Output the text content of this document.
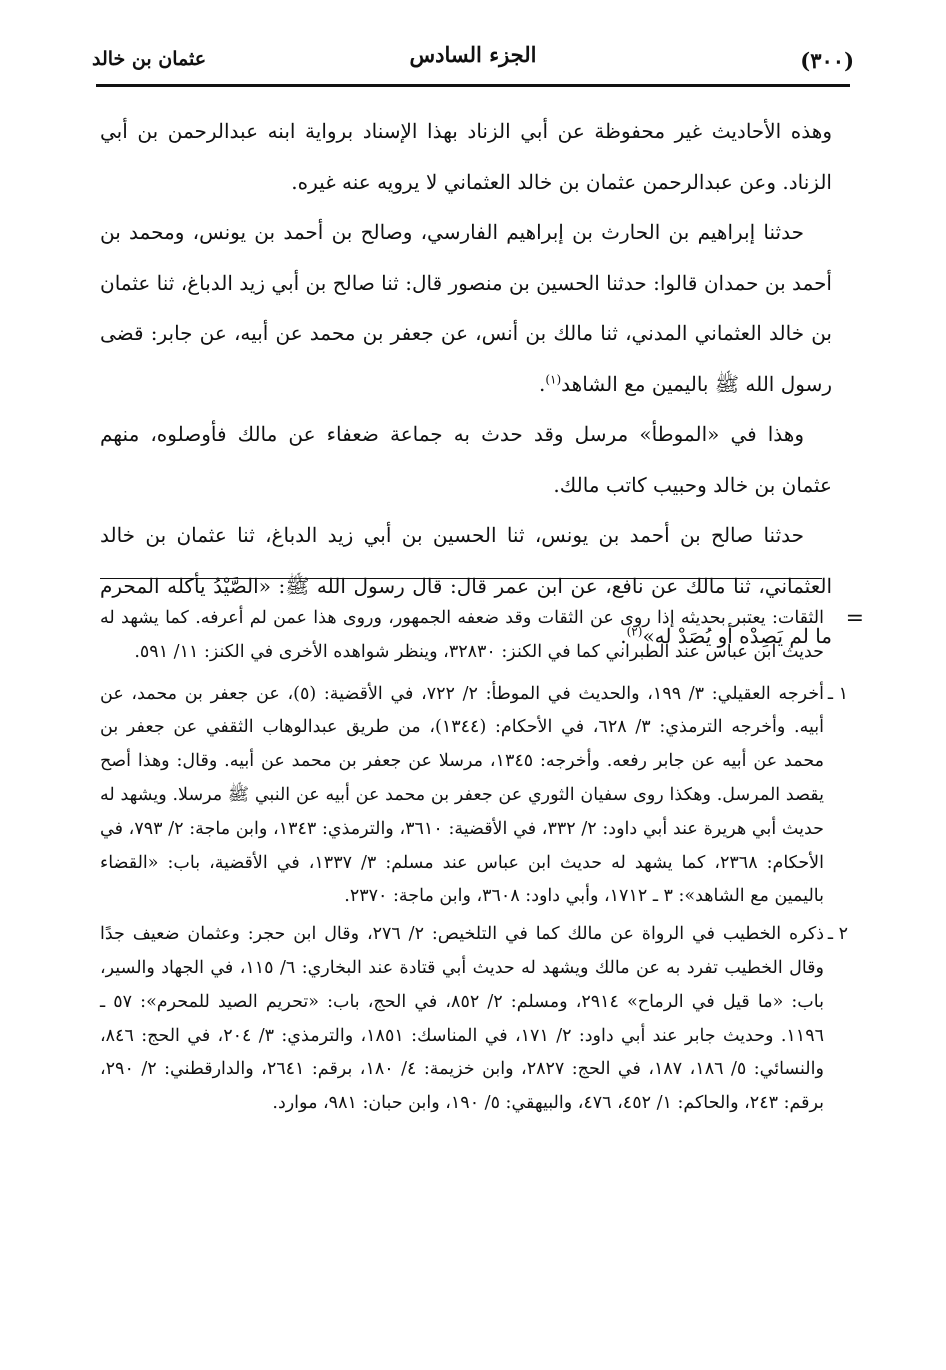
(٣٠٠)
الجزء السادس
عثمان بن خالد

وهذه الأحاديث غير محفوظة عن أبي الزناد بهذا الإسناد برواية ابنه عبدالرحمن بن أبي الزناد. وعن عبدالرحمن عثمان بن خالد العثماني لا يرويه عنه غيره.

حدثنا إبراهيم بن الحارث بن إبراهيم الفارسي، وصالح بن أحمد بن يونس، ومحمد بن أحمد بن حمدان قالوا: حدثنا الحسين بن منصور قال: ثنا صالح بن أبي زيد الدباغ، ثنا عثمان بن خالد العثماني المدني، ثنا مالك بن أنس، عن جعفر بن محمد عن أبيه، عن جابر: قضى رسول الله ﷺ باليمين مع الشاهد$^{(١)}$.

وهذا في «الموطأ» مرسل وقد حدث به جماعة ضعفاء عن مالك فأوصلوه، منهم عثمان بن خالد وحبيب كاتب مالك.

حدثنا صالح بن أحمد بن يونس، ثنا الحسين بن أبي زيد الدباغ، ثنا عثمان بن خالد العثماني، ثنا مالك عن نافع، عن ابن عمر قال: قال رسول الله ﷺ: «الصَّيْدُ يأكله المحرم ما لم يَصِدْه أو يُصَدْ له»$^{(٢)}$.

=
الثقات: يعتبر بحديثه إذا روى عن الثقات وقد ضعفه الجمهور، وروى هذا عمن لم أعرفه. كما يشهد له حديث ابن عباس عند الطبراني كما في الكنز: ٣٢٨٣٠، وينظر شواهده الأخرى في الكنز: ١١/ ٥٩١.

١ ـ
أخرجه العقيلي: ٣/ ١٩٩، والحديث في الموطأ: ٢/ ٧٢٢، في الأقضية: (٥)، عن جعفر بن محمد، عن أبيه. وأخرجه الترمذي: ٣/ ٦٢٨، في الأحكام: (١٣٤٤)، من طريق عبدالوهاب الثقفي عن جعفر بن محمد عن أبيه عن جابر رفعه. وأخرجه: ١٣٤٥، مرسلا عن جعفر بن محمد عن أبيه. وقال: وهذا أصح يقصد المرسل. وهكذا روى سفيان الثوري عن جعفر بن محمد عن أبيه عن النبي ﷺ مرسلا. ويشهد له حديث أبي هريرة عند أبي داود: ٢/ ٣٣٢، في الأقضية: ٣٦١٠، والترمذي: ١٣٤٣، وابن ماجة: ٢/ ٧٩٣، في الأحكام: ٢٣٦٨، كما يشهد له حديث ابن عباس عند مسلم: ٣/ ١٣٣٧، في الأقضية، باب: «القضاء باليمين مع الشاهد»: ٣ ـ ١٧١٢، وأبي داود: ٣٦٠٨، وابن ماجة: ٢٣٧٠.

٢ ـ
ذكره الخطيب في الرواة عن مالك كما في التلخيص: ٢/ ٢٧٦، وقال ابن حجر: وعثمان ضعيف جدًا وقال الخطيب تفرد به عن مالك ويشهد له حديث أبي قتادة عند البخاري: ٦/ ١١٥، في الجهاد والسير، باب: «ما قيل في الرماح» ٢٩١٤، ومسلم: ٢/ ٨٥٢، في الحج، باب: «تحريم الصيد للمحرم»: ٥٧ ـ ١١٩٦. وحديث جابر عند أبي داود: ٢/ ١٧١، في المناسك: ١٨٥١، والترمذي: ٣/ ٢٠٤، في الحج: ٨٤٦، والنسائي: ٥/ ١٨٦، ١٨٧، في الحج: ٢٨٢٧، وابن خزيمة: ٤/ ١٨٠، برقم: ٢٦٤١، والدارقطني: ٢/ ٢٩٠، برقم: ٢٤٣، والحاكم: ١/ ٤٥٢، ٤٧٦، والبيهقي: ٥/ ١٩٠، وابن حبان: ٩٨١، موارد.
